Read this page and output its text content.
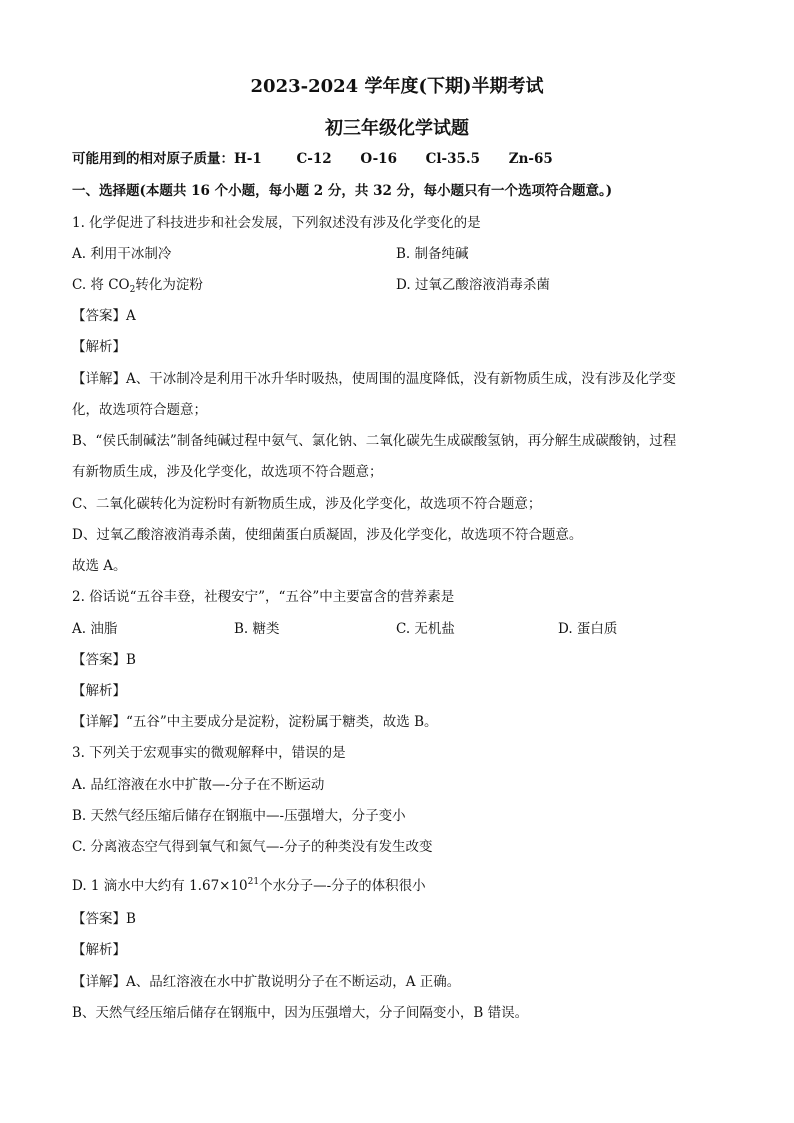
2023-2024 学年度(下期)半期考试
初三年级化学试题
可能用到的相对原子质量：H-1	C-12 O-16 Cl-35.5 Zn-65
一、选择题(本题共 16 个小题，每小题 2 分，共 32 分，每小题只有一个选项符合题意。)
1. 化学促进了科技进步和社会发展，下列叙述没有涉及化学变化的是
A. 利用干冰制冷	B. 制备纯碱
C. 将 $CO_2$转化为淀粉	D. 过氧乙酸溶液消毒杀菌
【答案】A
【解析】
【详解】A、干冰制冷是利用干冰升华时吸热，使周围的温度降低，没有新物质生成，没有涉及化学变
化，故选项符合题意；
B、“侯氏制碱法”制备纯碱过程中氨气、氯化钠、二氧化碳先生成碳酸氢钠，再分解生成碳酸钠，过程
有新物质生成，涉及化学变化，故选项不符合题意；
C、二氧化碳转化为淀粉时有新物质生成，涉及化学变化，故选项不符合题意；
D、过氧乙酸溶液消毒杀菌，使细菌蛋白质凝固，涉及化学变化，故选项不符合题意。
故选 A。
2. 俗话说“五谷丰登，社稷安宁”，“五谷”中主要富含的营养素是
A. 油脂	B. 糖类	C. 无机盐	D. 蛋白质
【答案】B
【解析】
【详解】“五谷”中主要成分是淀粉，淀粉属于糖类，故选 B。
3. 下列关于宏观事实的微观解释中，错误的是
A. 品红溶液在水中扩散—-分子在不断运动
B. 天然气经压缩后储存在钢瓶中—-压强增大，分子变小
C. 分离液态空气得到氧气和氮气—-分子的种类没有发生改变
D. 1 滴水中大约有 $1.67\times 10^{21}$个水分子—-分子的体积很小
【答案】B
【解析】
【详解】A、品红溶液在水中扩散说明分子在不断运动，A 正确。
B、天然气经压缩后储存在钢瓶中，因为压强增大，分子间隔变小，B 错误。
